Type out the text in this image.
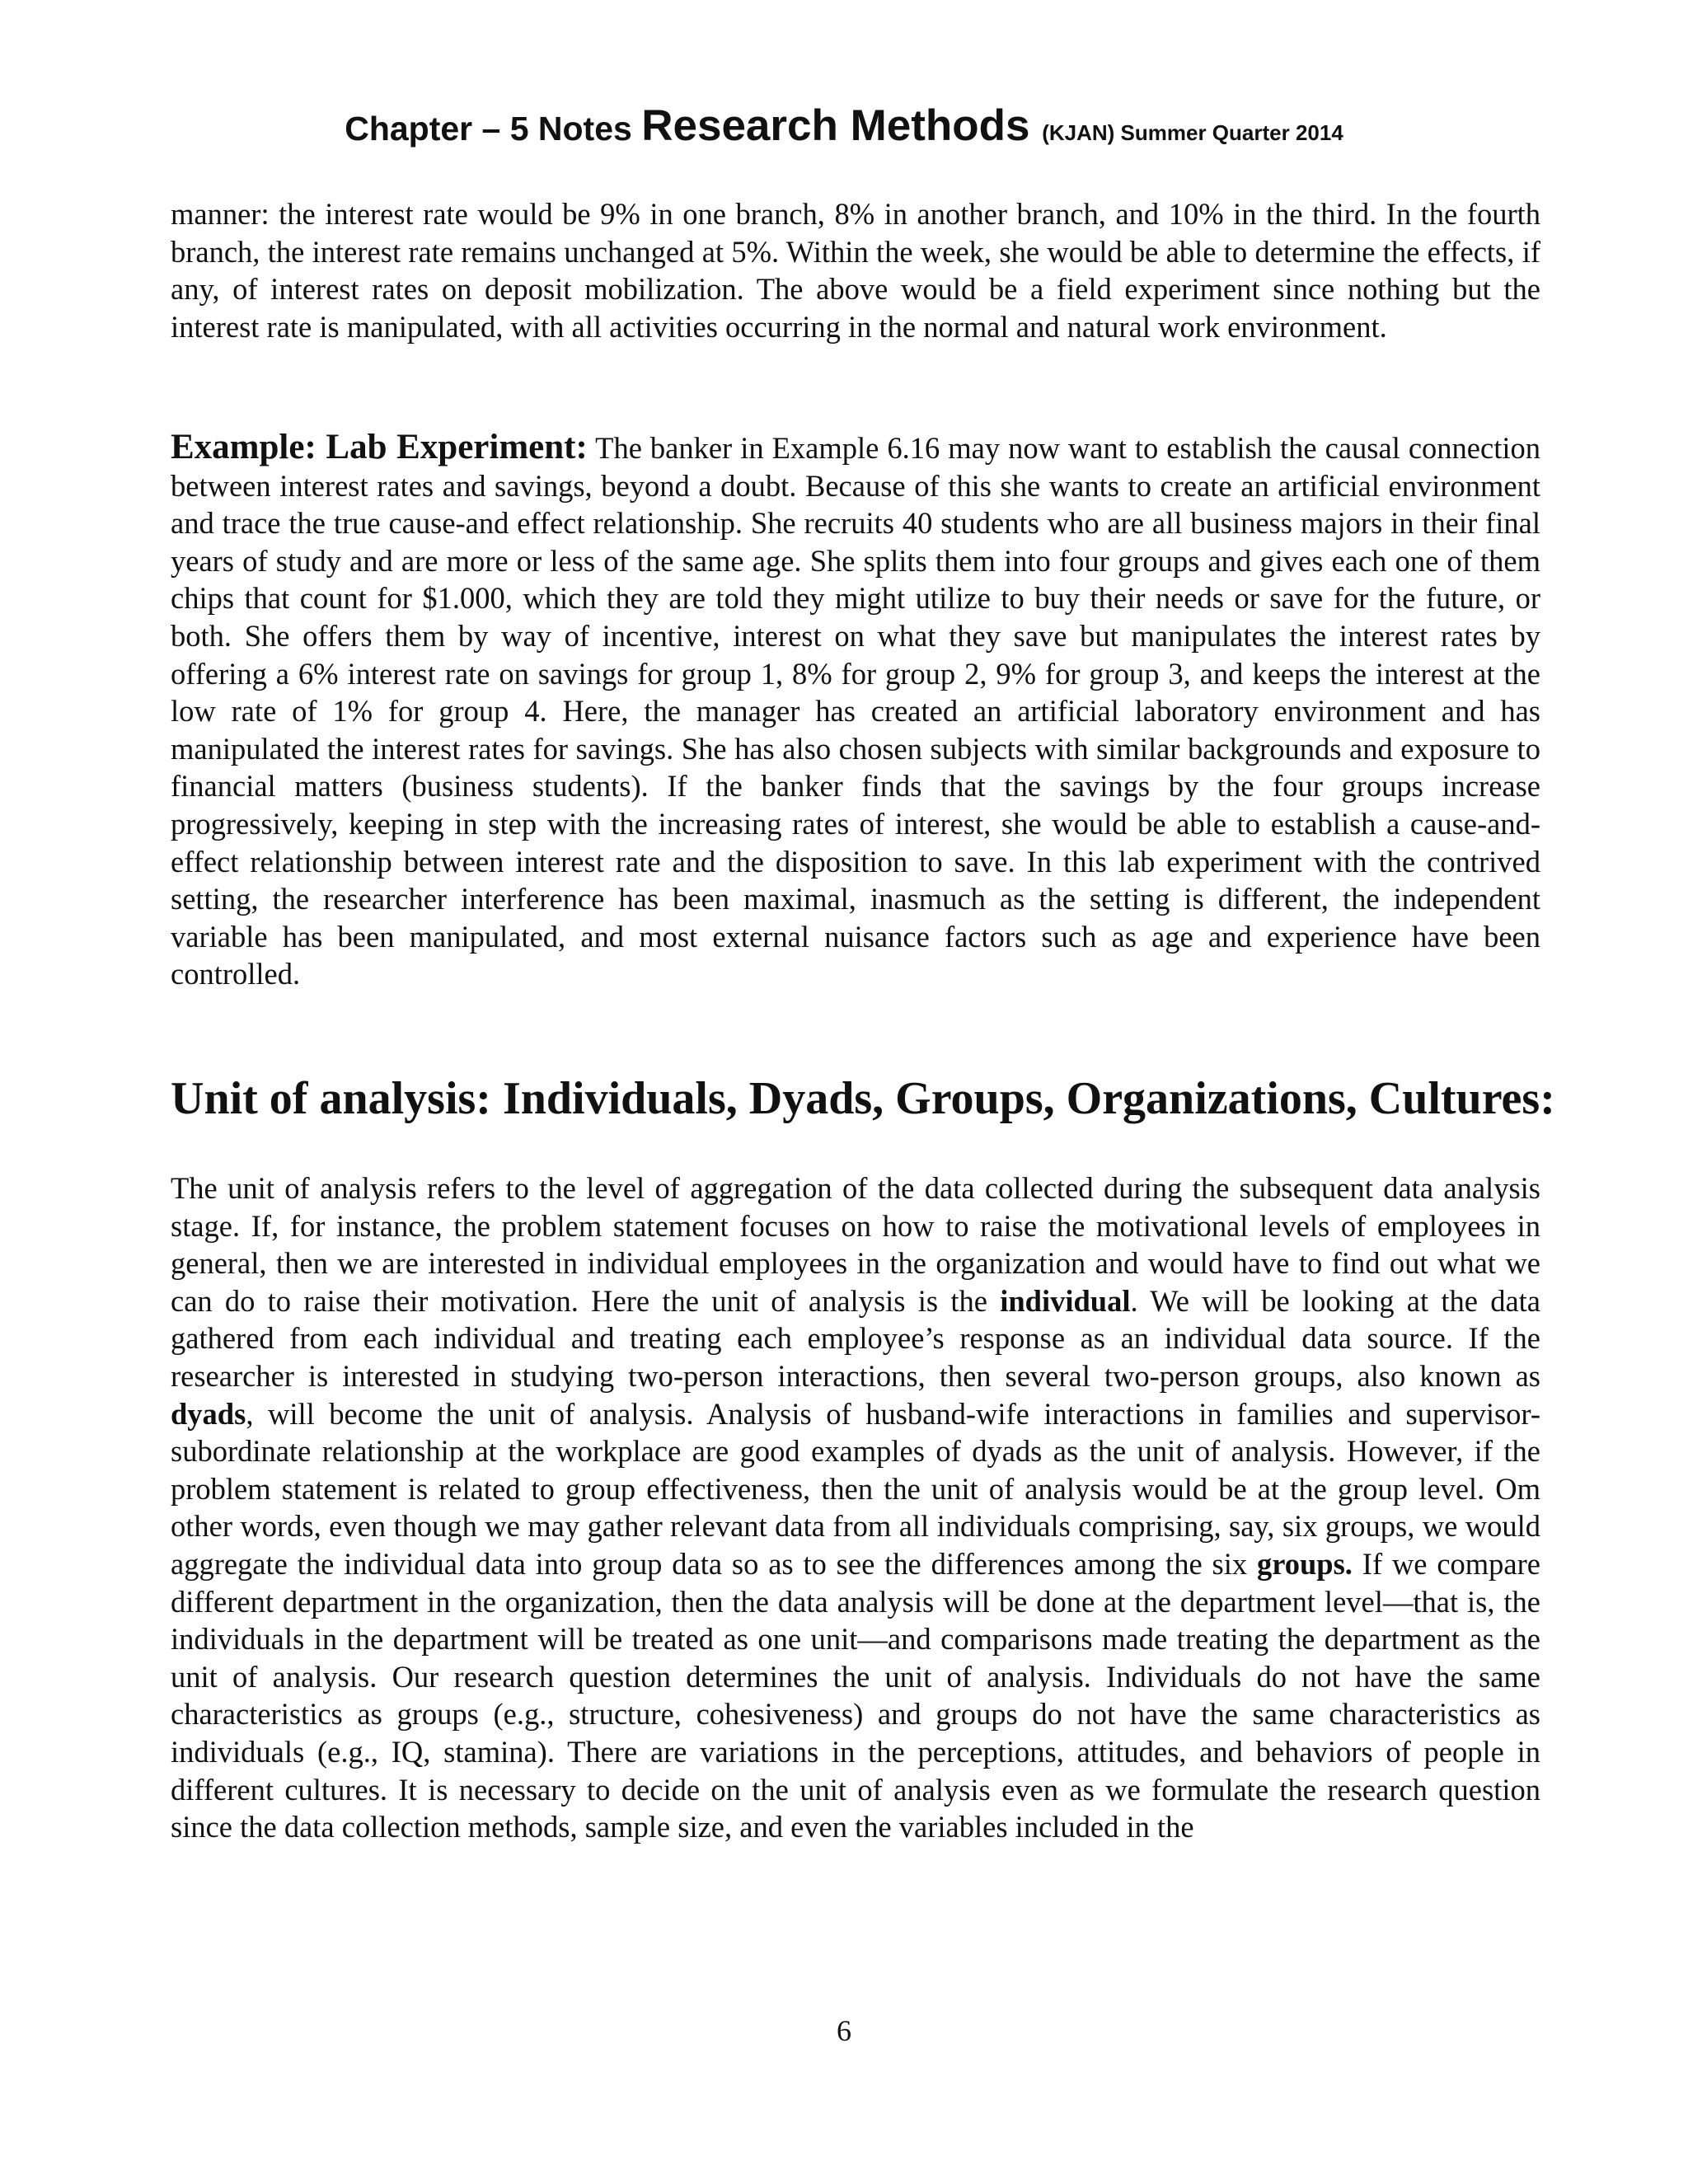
Chapter – 5 Notes Research Methods (KJAN) Summer Quarter 2014

manner: the interest rate would be 9% in one branch, 8% in another branch, and 10% in the third. In the fourth branch, the interest rate remains unchanged at 5%. Within the week, she would be able to determine the effects, if any, of interest rates on deposit mobilization. The above would be a field experiment since nothing but the interest rate is manipulated, with all activities occurring in the normal and natural work environment.

Example: Lab Experiment: The banker in Example 6.16 may now want to establish the causal connection between interest rates and savings, beyond a doubt. Because of this she wants to create an artificial environment and trace the true cause-and effect relationship. She recruits 40 students who are all business majors in their final years of study and are more or less of the same age. She splits them into four groups and gives each one of them chips that count for $1.000, which they are told they might utilize to buy their needs or save for the future, or both. She offers them by way of incentive, interest on what they save but manipulates the interest rates by offering a 6% interest rate on savings for group 1, 8% for group 2, 9% for group 3, and keeps the interest at the low rate of 1% for group 4. Here, the manager has created an artificial laboratory environment and has manipulated the interest rates for savings. She has also chosen subjects with similar backgrounds and exposure to financial matters (business students). If the banker finds that the savings by the four groups increase progressively, keeping in step with the increasing rates of interest, she would be able to establish a cause-and-effect relationship between interest rate and the disposition to save. In this lab experiment with the contrived setting, the researcher interference has been maximal, inasmuch as the setting is different, the independent variable has been manipulated, and most external nuisance factors such as age and experience have been controlled.

Unit of analysis: Individuals, Dyads, Groups, Organizations, Cultures:

The unit of analysis refers to the level of aggregation of the data collected during the subsequent data analysis stage. If, for instance, the problem statement focuses on how to raise the motivational levels of employees in general, then we are interested in individual employees in the organization and would have to find out what we can do to raise their motivation. Here the unit of analysis is the individual. We will be looking at the data gathered from each individual and treating each employee’s response as an individual data source. If the researcher is interested in studying two-person interactions, then several two-person groups, also known as dyads, will become the unit of analysis. Analysis of husband-wife interactions in families and supervisor-subordinate relationship at the workplace are good examples of dyads as the unit of analysis. However, if the problem statement is related to group effectiveness, then the unit of analysis would be at the group level. Om other words, even though we may gather relevant data from all individuals comprising, say, six groups, we would aggregate the individual data into group data so as to see the differences among the six groups. If we compare different department in the organization, then the data analysis will be done at the department level—that is, the individuals in the department will be treated as one unit—and comparisons made treating the department as the unit of analysis. Our research question determines the unit of analysis. Individuals do not have the same characteristics as groups (e.g., structure, cohesiveness) and groups do not have the same characteristics as individuals (e.g., IQ, stamina). There are variations in the perceptions, attitudes, and behaviors of people in different cultures. It is necessary to decide on the unit of analysis even as we formulate the research question since the data collection methods, sample size, and even the variables included in the

6
